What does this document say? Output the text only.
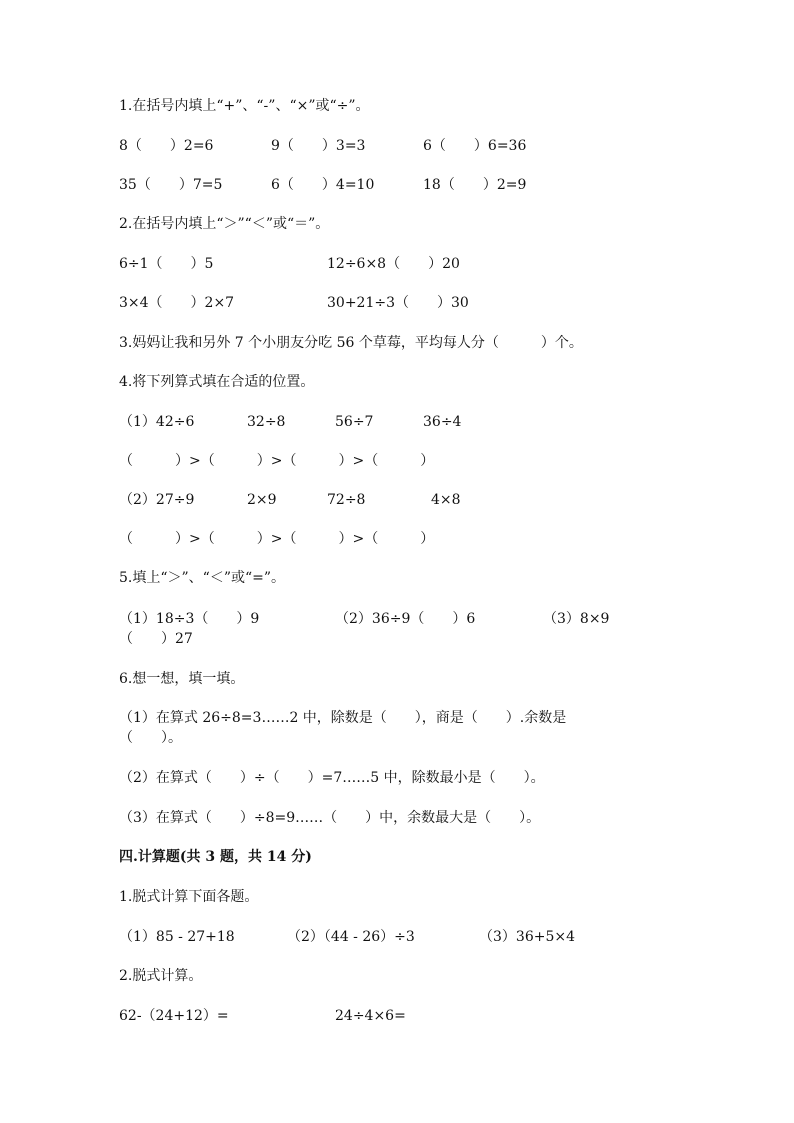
1.在括号内填上“+”、“-”、“×”或“÷”。
8（　　）2=6	9（　　）3=3	6（　　）6=36
35（　　）7=5	6（　　）4=10	18（　　）2=9
2.在括号内填上“＞”“＜”或“＝”。
6÷1（　　）5	12÷6×8（　　）20
3×4（　　）2×7	30+21÷3（　　）30
3.妈妈让我和另外 7 个小朋友分吃 56 个草莓，平均每人分（　　　）个。
4.将下列算式填在合适的位置。
（1）42÷6	32÷8	56÷7	36÷4
（　　　）>（　　　）>（　　　）>（　　　）
（2）27÷9	2×9	72÷8	4×8
（　　　）>（　　　）>（　　　）>（　　　）
5.填上“＞”、“＜”或“=”。
（1）18÷3（　　）9	（2）36÷9（　　）6	（3）8×9
（　　）27
6.想一想，填一填。
（1）在算式 26÷8=3……2 中，除数是（　　），商是（　　）.余数是
（　　）。
（2）在算式（　　）÷（　　）=7……5 中，除数最小是（　　）。
（3）在算式（　　）÷8=9……（　　）中，余数最大是（　　）。
四.计算题(共 3 题，共 14 分)
1.脱式计算下面各题。
（1）85 - 27+18	（2）（44 - 26）÷3	（3）36+5×4
2.脱式计算。
62-（24+12）=	24÷4×6=
